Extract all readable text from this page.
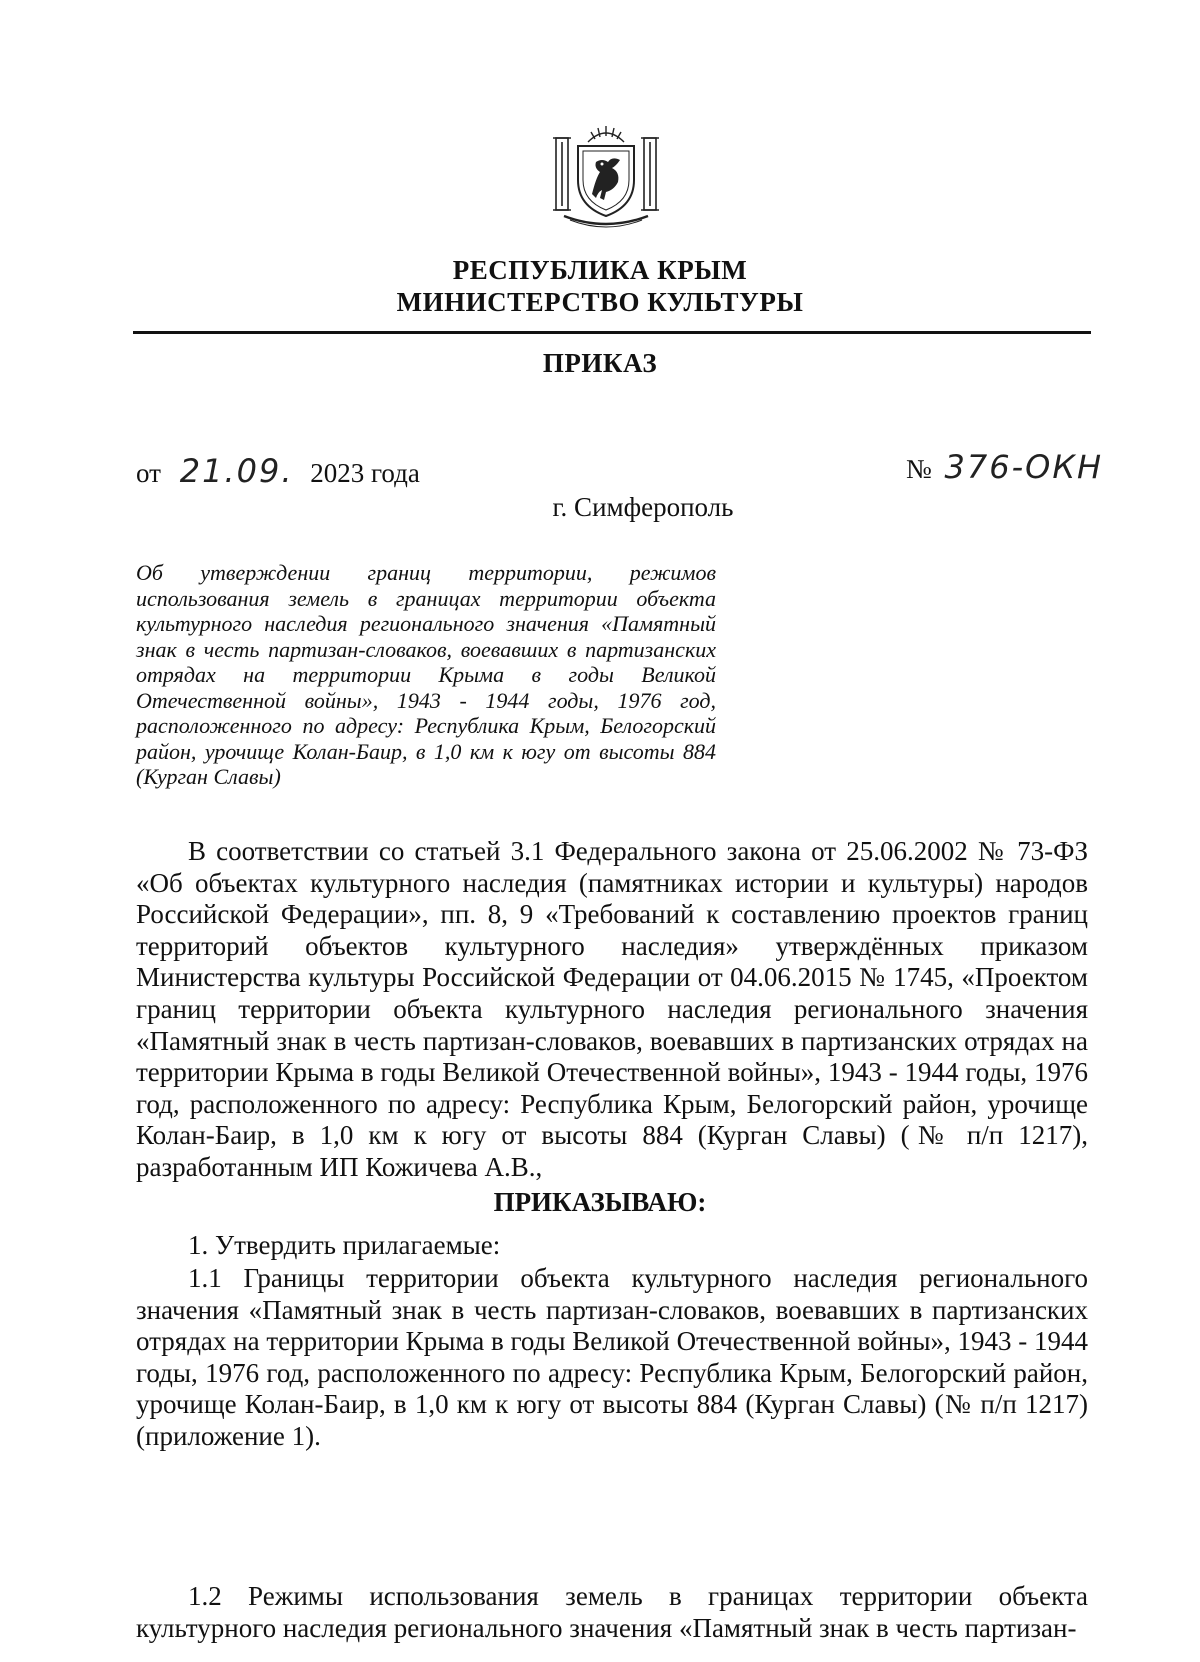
РЕСПУБЛИКА КРЫМ
МИНИСТЕРСТВО КУЛЬТУРЫ
ПРИКАЗ
от 21.09. 2023 года	№ 376-ОКН
г. Симферополь
Об утверждении границ территории, режимов использования земель в границах территории объекта культурного наследия регионального значения «Памятный знак в честь партизан-словаков, воевавших в партизанских отрядах на территории Крыма в годы Великой Отечественной войны», 1943 - 1944 годы, 1976 год, расположенного по адресу: Республика Крым, Белогорский район, урочище Колан-Баир, в 1,0 км к югу от высоты 884 (Курган Славы)

В соответствии со статьей 3.1 Федерального закона от 25.06.2002 № 73-ФЗ «Об объектах культурного наследия (памятниках истории и культуры) народов Российской Федерации», пп. 8, 9 «Требований к составлению проектов границ территорий объектов культурного наследия» утверждённых приказом Министерства культуры Российской Федерации от 04.06.2015 № 1745, «Проектом границ территории объекта культурного наследия регионального значения «Памятный знак в честь партизан-словаков, воевавших в партизанских отрядах на территории Крыма в годы Великой Отечественной войны», 1943 - 1944 годы, 1976 год, расположенного по адресу: Республика Крым, Белогорский район, урочище Колан-Баир, в 1,0 км к югу от высоты 884 (Курган Славы) (№ п/п 1217), разработанным ИП Кожичева А.В.,

ПРИКАЗЫВАЮ:

1. Утвердить прилагаемые:

1.1 Границы территории объекта культурного наследия регионального значения «Памятный знак в честь партизан-словаков, воевавших в партизанских отрядах на территории Крыма в годы Великой Отечественной войны», 1943 - 1944 годы, 1976 год, расположенного по адресу: Республика Крым, Белогорский район, урочище Колан-Баир, в 1,0 км к югу от высоты 884 (Курган Славы) (№ п/п 1217) (приложение 1).

1.2 Режимы использования земель в границах территории объекта культурного наследия регионального значения «Памятный знак в честь партизан-
